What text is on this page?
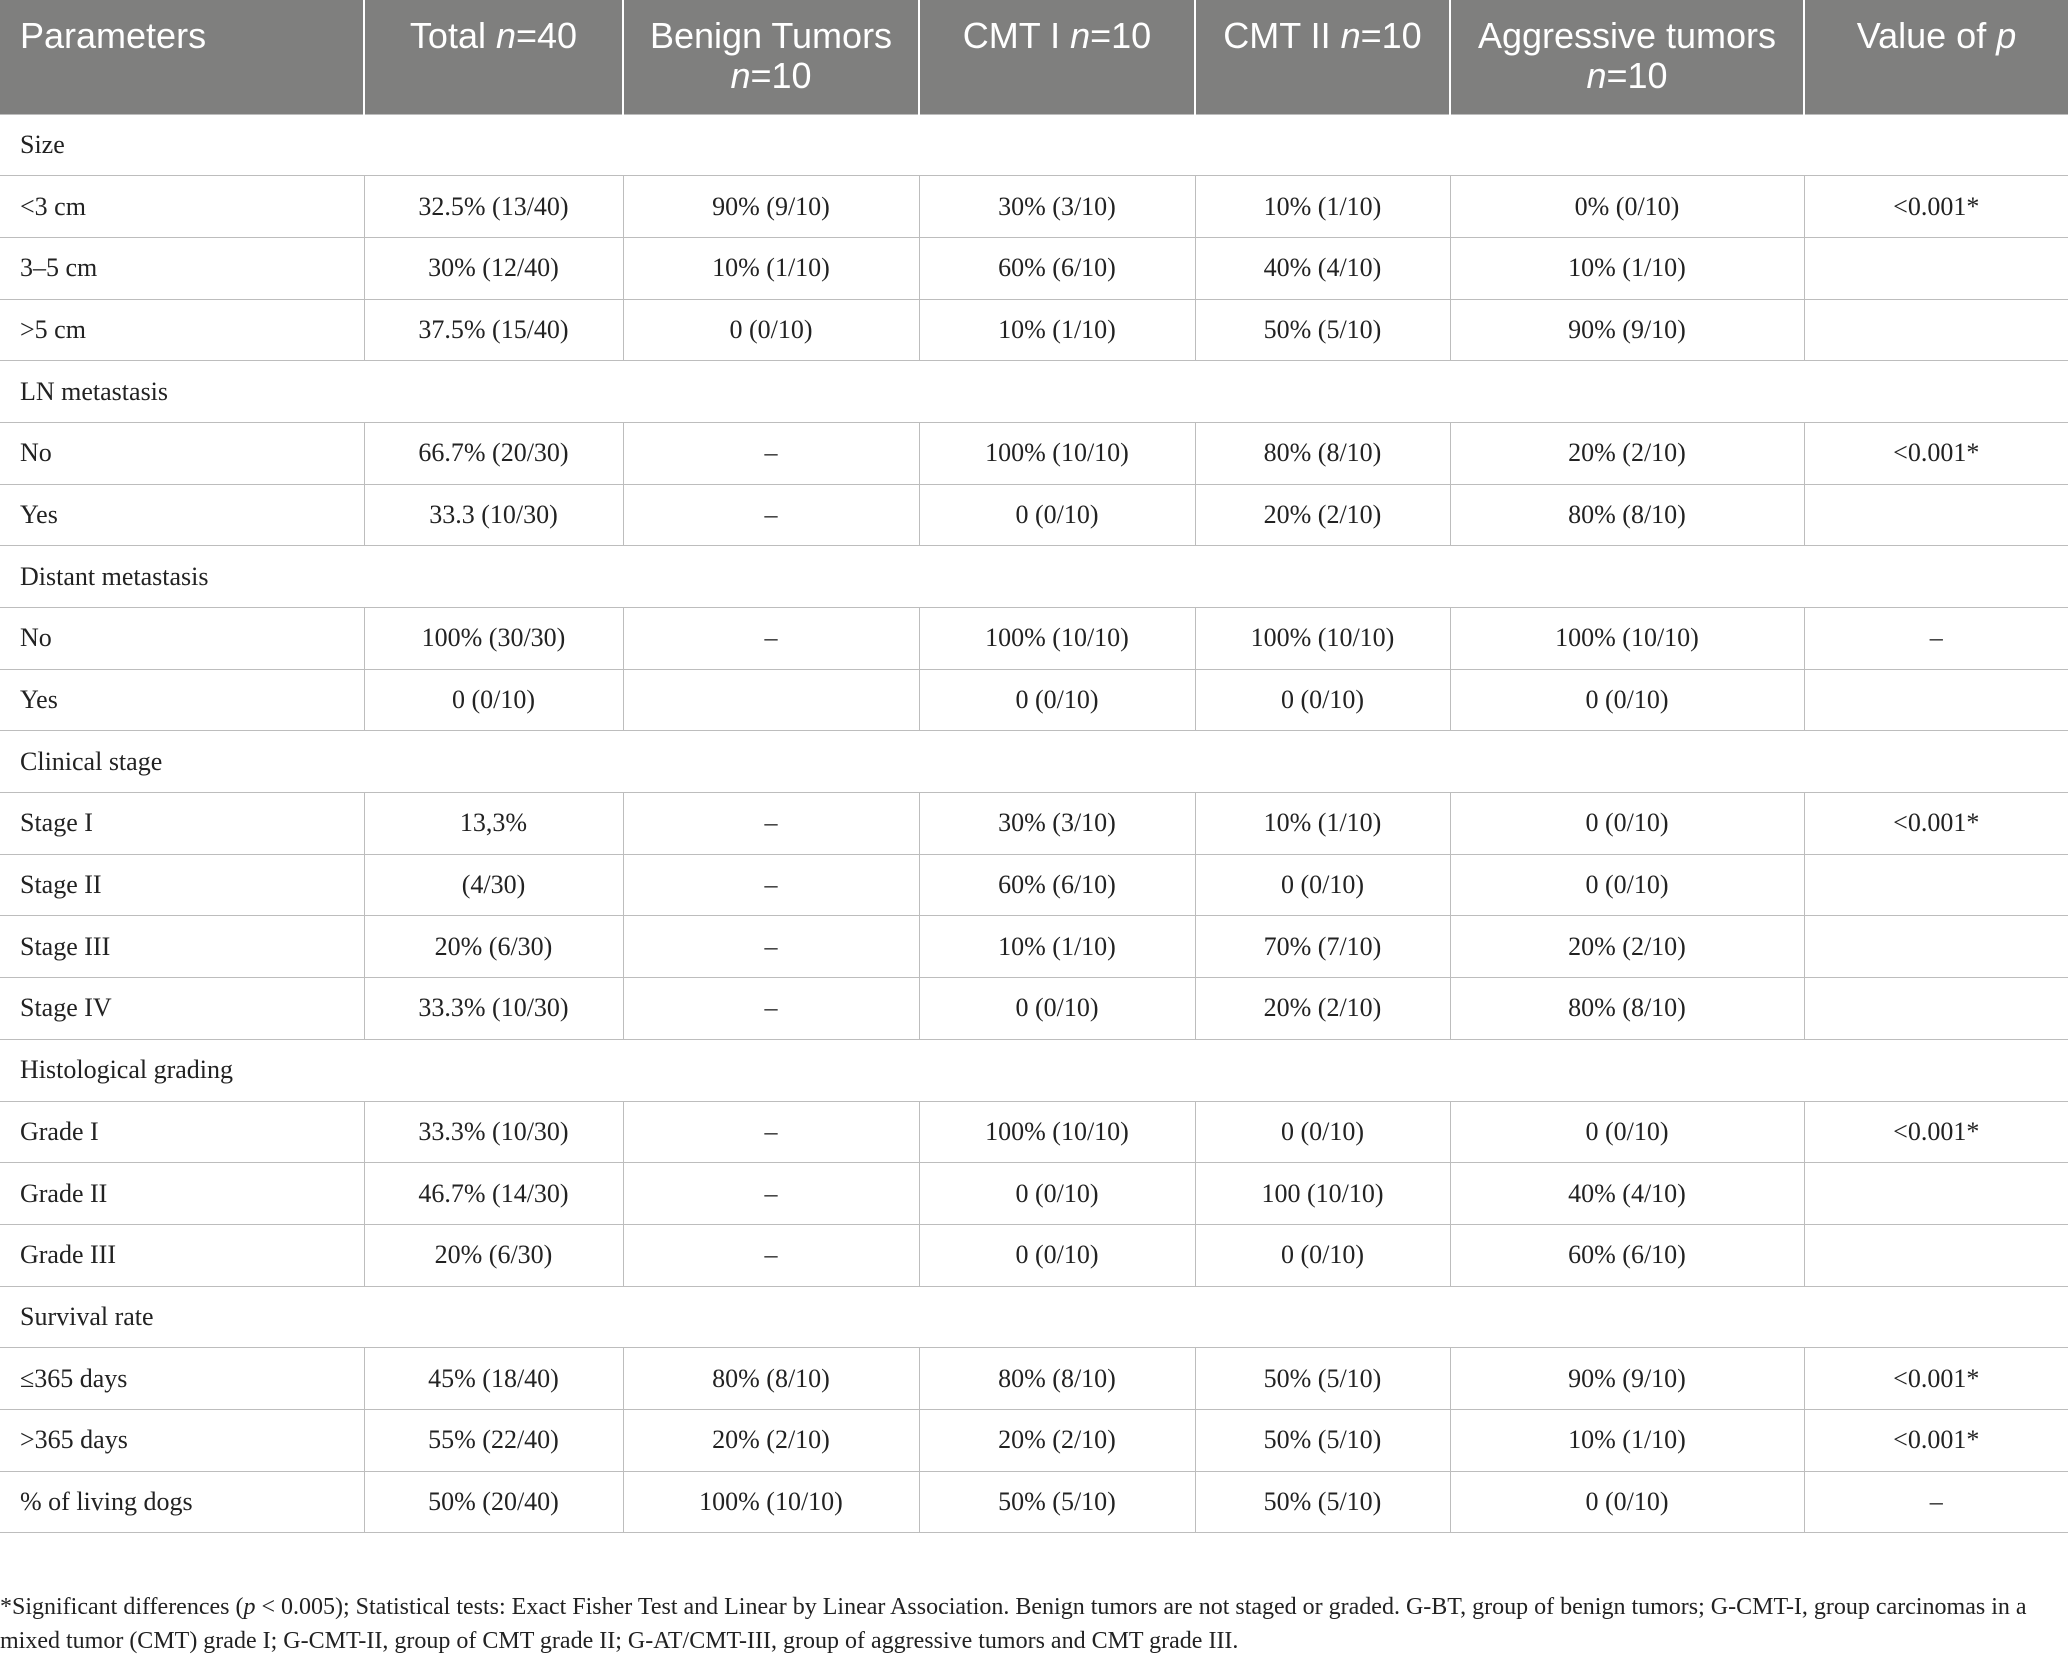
Parameters	Total n=40	Benign Tumors n=10	CMT I n=10	CMT II n=10	Aggressive tumors n=10	Value of p
Size						
<3 cm	32.5% (13/40)	90% (9/10)	30% (3/10)	10% (1/10)	0% (0/10)	<0.001*
3–5 cm	30% (12/40)	10% (1/10)	60% (6/10)	40% (4/10)	10% (1/10)	
>5 cm	37.5% (15/40)	0 (0/10)	10% (1/10)	50% (5/10)	90% (9/10)	
LN metastasis						
No	66.7% (20/30)	–	100% (10/10)	80% (8/10)	20% (2/10)	<0.001*
Yes	33.3 (10/30)	–	0 (0/10)	20% (2/10)	80% (8/10)	
Distant metastasis						
No	100% (30/30)	–	100% (10/10)	100% (10/10)	100% (10/10)	–
Yes	0 (0/10)		0 (0/10)	0 (0/10)	0 (0/10)	
Clinical stage						
Stage I	13,3%	–	30% (3/10)	10% (1/10)	0 (0/10)	<0.001*
Stage II	(4/30)	–	60% (6/10)	0 (0/10)	0 (0/10)	
Stage III	20% (6/30)	–	10% (1/10)	70% (7/10)	20% (2/10)	
Stage IV	33.3% (10/30)	–	0 (0/10)	20% (2/10)	80% (8/10)	
Histological grading						
Grade I	33.3% (10/30)	–	100% (10/10)	0 (0/10)	0 (0/10)	<0.001*
Grade II	46.7% (14/30)	–	0 (0/10)	100 (10/10)	40% (4/10)	
Grade III	20% (6/30)	–	0 (0/10)	0 (0/10)	60% (6/10)	
Survival rate						
≤365 days	45% (18/40)	80% (8/10)	80% (8/10)	50% (5/10)	90% (9/10)	<0.001*
>365 days	55% (22/40)	20% (2/10)	20% (2/10)	50% (5/10)	10% (1/10)	<0.001*
% of living dogs	50% (20/40)	100% (10/10)	50% (5/10)	50% (5/10)	0 (0/10)	–
*Significant differences (p < 0.005); Statistical tests: Exact Fisher Test and Linear by Linear Association. Benign tumors are not staged or graded. G-BT, group of benign tumors; G-CMT-I, group carcinomas in a mixed tumor (CMT) grade I; G-CMT-II, group of CMT grade II; G-AT/CMT-III, group of aggressive tumors and CMT grade III.
